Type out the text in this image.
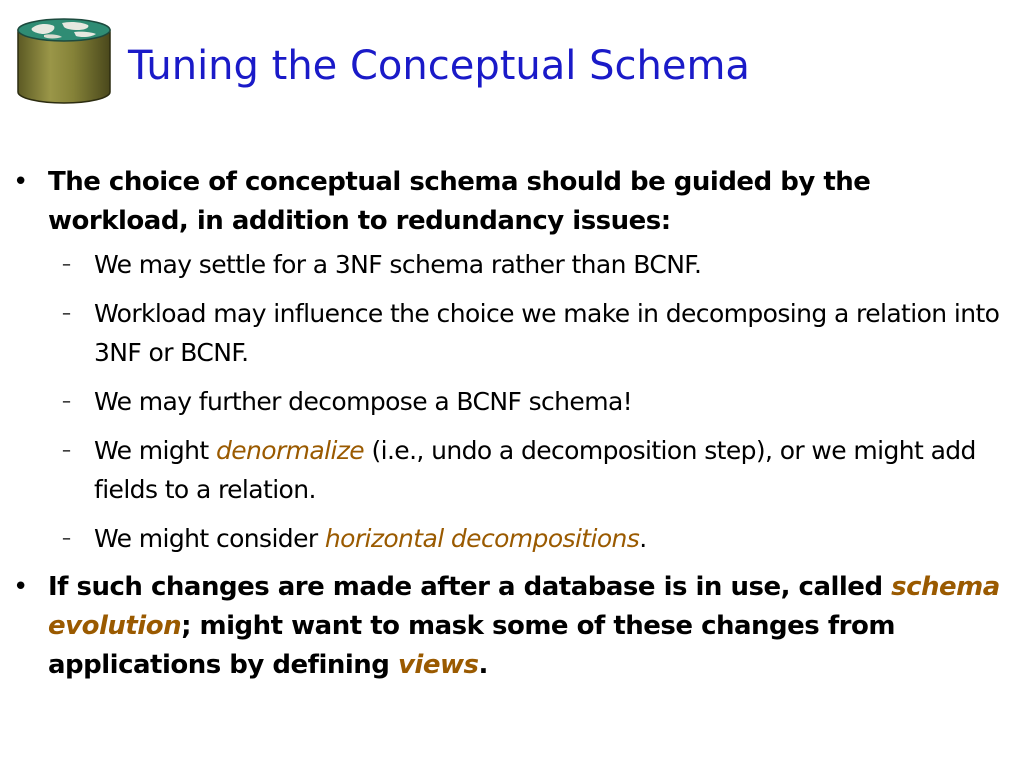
Tuning the Conceptual Schema
• The choice of conceptual schema should be guided by the workload, in addition to redundancy issues:
– We may settle for a 3NF schema rather than BCNF.
– Workload may influence the choice we make in decomposing a relation into 3NF or BCNF.
– We may further decompose a BCNF schema!
– We might denormalize (i.e., undo a decomposition step), or we might add fields to a relation.
– We might consider horizontal decompositions.
• If such changes are made after a database is in use, called schema evolution; might want to mask some of these changes from applications by defining views.
